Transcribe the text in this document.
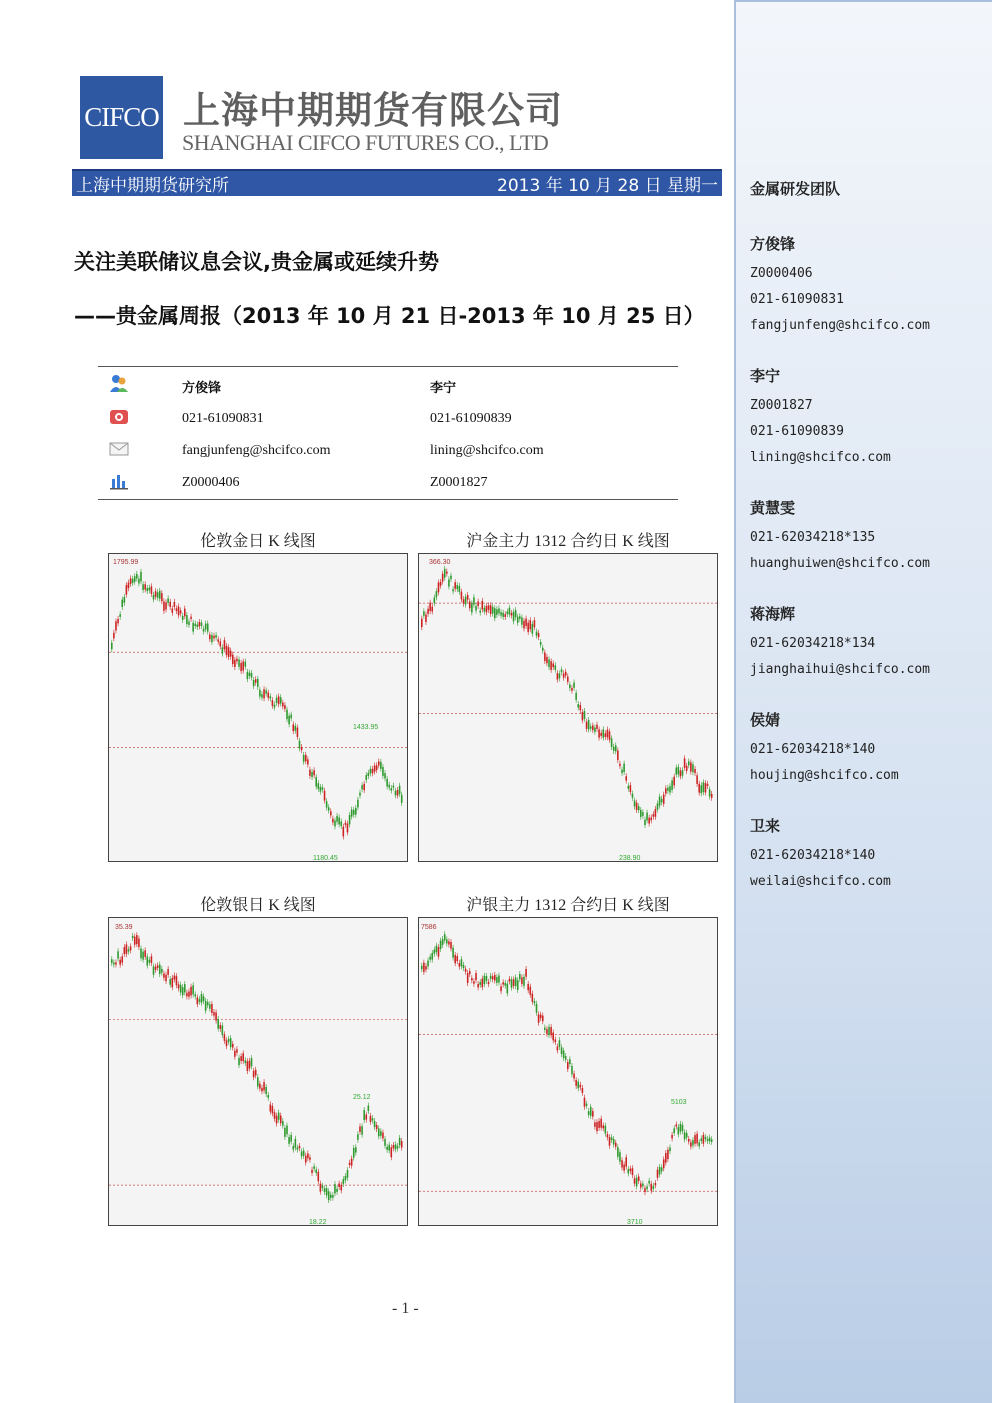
CIFCO 上海中期期货有限公司
SHANGHAI CIFCO FUTURES CO., LTD
上海中期期货研究所	2013 年 10 月 28 日 星期一
关注美联储议息会议,贵金属或延续升势
——贵金属周报（2013 年 10 月 21 日-2013 年 10 月 25 日）
方俊锋	李宁
021-61090831	021-61090839
fangjunfeng@shcifco.com	lining@shcifco.com
Z0000406	Z0001827
伦敦金日 K 线图
1795.99
1433.95
1180.45
沪金主力 1312 合约日 K 线图
366.30
238.90
伦敦银日 K 线图
35.39
25.12
18.22
沪银主力 1312 合约日 K 线图
7586
5103
3710
- 1 -
金属研发团队
方俊锋
Z0000406
021-61090831
fangjunfeng@shcifco.com
李宁
Z0001827
021-61090839
lining@shcifco.com
黄慧雯
021-62034218*135
huanghuiwen@shcifco.com
蒋海辉
021-62034218*134
jianghaihui@shcifco.com
侯婧
021-62034218*140
houjing@shcifco.com
卫来
021-62034218*140
weilai@shcifco.com
